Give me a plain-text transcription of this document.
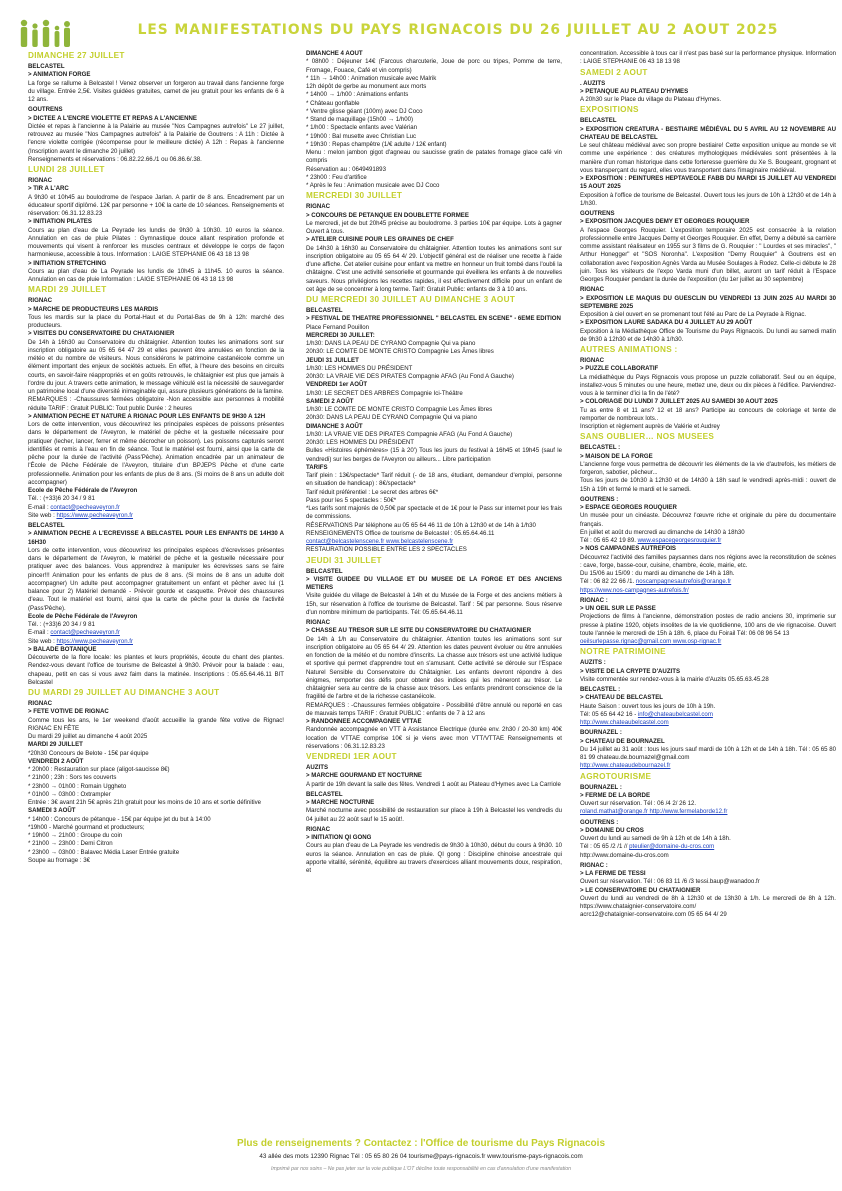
LES MANIFESTATIONS DU PAYS RIGNACOIS DU 26 JUILLET AU 2 AOUT 2025

DIMANCHE 27 JUILLET

BELCASTEL

> ANIMATION FORGE

La forge se rallume à Belcastel ! Venez observer un forgeron au travail dans l'ancienne forge du village. Entrée 2,5€. Visites guidées gratuites, camet de jeu gratuit pour les enfants de 6 à 12 ans.

GOUTRENS

> DICTEE A L'ENCRE VIOLETTE ET REPAS A L'ANCIENNE

Dictée et repas à l'ancienne à la Palairie au musée "Nos Campagnes autrefois" Le 27 juillet, retrouvez au musée "Nos Campagnes autrefois" à la Palairie de Goutrens : A 11h : Dictée à l'encre violette corrigée (récompense pour le meilleure dictée) A 12h : Repas à l'ancienne (Inscription avant le dimanche 20 juillet)

Renseignements et réservations : 06.82.22.66./1 ou 06.86.6/.38.

LUNDI 28 JUILLET

RIGNAC

> TIR A L'ARC

A 9h30 et 10h45 au boulodrome de l'espace Jarlan. A partir de 8 ans. Encadrement par un éducateur sportif diplômé. 12€ par personne + 10€ la carte de 10 séances. Renseignements et réservation: 06.31.12.83.23

> INITIATION PILATES

Cours au plan d'eau de La Peyrade les lundis de 9h30 à 10h30. 10 euros la séance. Annulation en cas de pluie Pilates : Gymnastique douce allant respiration profonde et mouvements qui visent à renforcer les muscles centraux et développe le corps de façon harmonieuse, accessible à tous. Information : LAIGE STEPHANIE 06 43 18 13 98

> INITIATION STRETCHING

Cours au plan d'eau de La Peyrade les lundis de 10h45 à 11h45. 10 euros la séance. Annulation en cas de pluie Information : LAIGE STEPHANIE 06 43 18 13 98

MARDI 29 JUILLET

RIGNAC

> MARCHE DE PRODUCTEURS LES MARDIS

Tous les mardis sur la place du Portal-Haut et du Portal-Bas de 9h à 12h: marché des producteurs.

> VISITES DU CONSERVATOIRE DU CHATAIGNIER

De 14h à 16h30 au Conservatoire du châtaignier. Attention toutes les animations sont sur inscription obligatoire au 05 65 64 47 29 et elles peuvent être annulées en fonction de la météo et du nombre de visiteurs. Nous considérons le patrimoine castanéicole comme un élément important des enjeux de sociétés actuels. En effet, à l'heure des besoins en circuits courts, en savoir-faire réappropriés et en goûts retrouvés, le châtaignier est plus que jamais à l'ordre du jour. A travers cette animation, le message véhiculé est la nécessité de sauvegarder un patrimoine local d'une diversité inimaginable qui, assure plusieurs générations de la famine.

REMARQUES : -Chaussures fermées obligatoire -Non accessible aux personnes à mobilité réduite TARIF : Gratuit PUBLIC: Tout public Durée : 2 heures

> ANIMATION PECHE ET NATURE A RIGNAC POUR LES ENFANTS DE 9H30 A 12H

Lors de cette intervention, vous découvrirez les principales espèces de poissons présentes dans le département de l'Aveyron, le matériel de pêche et la gestuelle nécessaire pour pratiquer (lecher, lancer, ferrer et même décrocher un poisson). Les poissons capturés seront identifiés et remis à l'eau en fin de séance. Tout le matériel est fourni, ainsi que la carte de pêche pour la durée de l'activité (Pass'Pêche). Animation encadrée par un animateur de l'École de Pêche Fédérale de l'Aveyron, titulaire d'un BPJEPS Pêche et d'une carte professionnelle. Animation pour les enfants de plus de 8 ans. (Si moins de 8 ans un adulte doit accompagner)

Ecole de Pêche Fédérale de l'Aveyron

Tél. : (+33)6 20 34 / 9 81

E-mail : contact@pecheaveyron.fr

Site web : https://www.pecheaveyron.fr

BELCASTEL

> ANIMATION PECHE A L'ECREVISSE A BELCASTEL POUR LES ENFANTS DE 14H30 A 16H30

Lors de cette intervention, vous découvrirez les principales espèces d'écrevisses présentes dans le département de l'Aveyron, le matériel de pêche et la gestuelle nécessaire pour pratiquer avec des balances. Vous apprendrez à manipuler les écrevisses sans se faire pincer!!! Animation pour les enfants de plus de 8 ans. (Si moins de 8 ans un adulte doit accompagner) Un adulte peut accompagner gratuitement un enfant et pêcher avec lui (1 balance pour 2) Matériel demandé - Prévoir gourde et casquette. Prévoir des chaussures d'eau. Tout le matériel est fourni, ainsi que la carte de pêche pour la durée de l'activité (Pass'Pêche).

Ecole de Pêche Fédérale de l'Aveyron

Tél. : (+33)6 20 34 / 9 81

E-mail : contact@pecheaveyron.fr

Site web : https://www.pecheaveyron.fr

> BALADE BOTANIQUE

Découverte de la flore locale: les plantes et leurs propriétés, écoute du chant des plantes. Rendez-vous devant l'office de tourisme de Belcastel à 9h30. Prévoir pour la balade : eau, chapeau, petit en cas si vous avez faim dans la matinée. Inscriptions : 05.65.64.46.11 BIT Belcastel

DU MARDI 29 JUILLET AU DIMANCHE 3 AOUT

RIGNAC

> FETE VOTIVE DE RIGNAC

Comme tous les ans, le 1er weekend d'août accueille la grande fête votive de Rignac! RIGNAC EN FÊTE

Du mardi 29 juillet au dimanche 4 août 2025

MARDI 29 JUILLET

*20h30 Concours de Belote - 15€ par équipe

VENDREDI 2 AOÛT

* 20h00 : Restauration sur place (aligot-saucisse 8€)

* 21h00 ; 23h : Sors tes couverts

* 23h00 → 01h00 : Romain Uggheto

* 01h00 → 03h00 : Oxtrampler

Entrée : 3€ avant 21h 5€ après 21h gratuit pour les moins de 10 ans et sortie définitive

SAMEDI 3 AOÛT

* 14h00 : Concours de pétanque - 15€ par équipe jet du but à 14:00

*19h00 - Marché gourmand et producteurs;

* 19h00 → 21h00 : Groupe du coin

* 21h00 → 23h00 : Demi Citron

* 23h00 → 03h00 : Balavec Média Laser Entrée gratuite

Soupe au fromage : 3€

DIMANCHE 4 AOÛT

* 08h00 : Déjeuner 14€ (Farcous charcuterie, Joue de porc ou tripes, Pomme de terre, Fromage, Fouace, Café et vin compris)

* 11h → 14h00 : Animation musicale avec Malrik

12h dépôt de gerbe au monument aux morts

* 14h00 → 1/h00 : Animations enfants

* Château gonflable

* Ventre glisse géant (100m) avec DJ Coco

* Stand de maquillage (15h00 → 1/h00)

* 1/h00 : Spectacle enfants avec Valérian

* 19h00 : Bal musette avec Christian Luc

* 19h30 : Repas champêtre (1/€ adulte / 12€ enfant)

Menu : melon jambon gigot d'agneau ou saucisse gratin de patates fromage glace café vin compris

Réservation au : 0649491893

* 23h00 : Feu d'artifice

* Après le feu : Animation musicale avec DJ Coco

MERCREDI 30 JUILLET

RIGNAC

> CONCOURS DE PETANQUE EN DOUBLETTE FORMEE

Le mercredi, jet de but 20h45 précise au boulodrome. 3 parties 10€ par équipe. Lots à gagner Ouvert à tous.

> ATELIER CUISINE POUR LES GRAINES DE CHEF

De 14h30 à 16h30 au Conservatoire du châtaignier. Attention toutes les animations sont sur inscription obligatoire au 05 65 64 4/ 29. L'objectif général est de réaliser une recette à l'aide d'une affiche. Cet atelier cuisine pour enfant va mettre en honneur un fruit tombé dans l'oubli la châtaigne. C'est une activité sensorielle et gourmande qui éveillera les enfants à de nouvelles saveurs. Nous privilégions les recettes rapides, il est effectivement difficile pour un enfant de cet âge de se concentrer à long terme. Tarif: Gratuit Public: enfants de 3 à 10 ans.

DU MERCREDI 30 JUILLET AU DIMANCHE 3 AOUT

BELCASTEL

> FESTIVAL DE THEATRE PROFESSIONNEL " BELCASTEL EN SCENE" - 6EME EDITION

Place Fernand Pouillon

MERCREDI 30 JUILLET:

1/h30: DANS LA PEAU DE CYRANO Compagnie Qui va piano

20h30: LE COMTE DE MONTE CRISTO Compagnie Les Âmes libres

JEUDI 31 JUILLET

1/h30: LES HOMMES DU PRÉSIDENT

20h30: LA VRAIE VIE DES PIRATES Compagnie AFAG (Au Fond A Gauche)

VENDREDI 1er AOÛT

1/h30: LE SECRET DES ARBRES Compagnie Ici-Théâtre

SAMEDI 2 AOÛT

1/h30: LE COMTE DE MONTE CRISTO Compagnie Les Âmes libres

20h30: DANS LA PEAU DE CYRANO Compagnie Qui va piano

DIMANCHE 3 AOÛT

1/h30: LA VRAIE VIE DES PIRATES Compagnie AFAG (Au Fond A Gauche)

20h30: LES HOMMES DU PRÉSIDENT

Bulles «Histoires éphémères» (15 à 20') Tous les jours du festival à 16h45 et 19h45 (sauf le vendredi) sur les berges de l'Aveyron ou ailleurs... Libre participation

TARIFS

Tarif plein : 13€/spectacle* Tarif réduit (- de 18 ans, étudiant, demandeur d'emploi, personne en situation de handicap) : 8€/spectacle*

Tarif réduit préférentiel : Le secret des arbres 6€*

Pass pour les 5 spectacles : 50€*

*Les tarifs sont majorés de 0,50€ par spectacle et de 1€ pour le Pass sur internet pour les frais de commissions.

RÉSERVATIONS Par téléphone au 05 65 64 46 11 de 10h à 12h30 et de 14h à 1/h30

RENSEIGNEMENTS Office de tourisme de Belcastel : 05.65.64.46.11

contact@belcastelenscene.fr www.belcastelenscene.fr

RESTAURATION POSSIBLE ENTRE LES 2 SPECTACLES

JEUDI 31 JUILLET

BELCASTEL

> VISITE GUIDEE DU VILLAGE ET DU MUSEE DE LA FORGE ET DES ANCIENS METIERS

Visite guidée du village de Belcastel à 14h et du Musée de la Forge et des anciens métiers à 15h, sur réservation à l'office de tourisme de Belcastel. Tarif : 5€ par personne. Sous réserve d'un nombre minimum de participants. Tél: 05.65.64.46.11

RIGNAC

> CHASSE AU TRESOR SUR LE SITE DU CONSERVATOIRE DU CHATAIGNIER

De 14h à 1/h au Conservatoire du châtaignier. Attention toutes les animations sont sur inscription obligatoire au 05 65 64 4/ 29. Attention les dates peuvent évoluer ou être annulées en fonction de la météo et du nombre d'inscrits. La chasse aux trésors est une activité ludique et sportive qui permet d'apprendre tout en s'amusant. Cette activité se déroule sur l'Espace Naturel Sensible du Conservatoire du Châtaignier. Les enfants devront répondre à des énigmes, remporter des défis pour obtenir des indices qui les mèneront au trésor. Le châtaignier sera au centre de la chasse aux trésors. Les enfants prendront conscience de la fragilité de l'arbre et de la richesse castanéicole.

REMARQUES : -Chaussures fermées obligatoire - Possibilité d'être annulé ou reporté en cas de mauvais temps TARIF : Gratuit PUBLIC : enfants de 7 à 12 ans

> RANDONNEE ACCOMPAGNEE VTTAE

Randonnée accompagnée en VTT à Assistance Electrique (durée env. 2h30 / 20-30 km) 40€ location de VTTAE comprise 10€ si je viens avec mon VTT/VTTAE Renseignements et réservations : 06.31.12.83.23

VENDREDI 1ER AOUT

AUZITS

> MARCHE GOURMAND ET NOCTURNE

A partir de 19h devant la salle des fêtes. Vendredi 1 août au Plateau d'Hymes avec La Carriole

BELCASTEL

> MARCHE NOCTURNE

Marché nocturne avec possibilité de restauration sur place à 19h à Belcastel les vendredis du 04 juillet au 22 août sauf le 15 août!.

RIGNAC

> INITIATION QI GONG

Cours au plan d'eau de La Peyrade les vendredis de 9h30 à 10h30, début du cours à 9h30. 10 euros la séance. Annulation en cas de pluie. QI gong : Discipline chinoise ancestrale qui apporte vitalité, sérénité, équilibre au travers d'exercices alliant mouvements doux, respiration, et

concentration. Accessible à tous car il n'est pas basé sur la performance physique. Information : LAIGE STEPHANIE 06 43 18 13 98

SAMEDI 2 AOUT

. AUZITS

> PETANQUE AU PLATEAU D'HYMES

A 20h30 sur le Place du village du Plateau d'Hymes.

EXPOSITIONS

BELCASTEL

> EXPOSITION CREATURA - BESTIAIRE MÉDIÉVAL DU 5 AVRIL AU 12 NOVEMBRE AU CHATEAU DE BELCASTEL

Le seul château médiéval avec son propre bestiaire! Cette exposition unique au monde se vit comme une expérience : des créatures mythologiques médiévales sont présentées à la manière d'un roman historique dans cette forteresse guerrière du Xe S. Bougeant, grognant et vous transperçant du regard, elles vous transportent dans l'imaginaire médiéval.

> EXPOSITION : PEINTURES HEPTAVEOLE FABB DU MARDI 15 JUILLET AU VENDREDI 15 AOUT 2025

Exposition à l'office de tourisme de Belcastel. Ouvert tous les jours de 10h à 12h30 et de 14h à 1/h30.

GOUTRENS

> EXPOSITION JACQUES DEMY ET GEORGES ROUQUIER

A l'espace Georges Rouquier. L'exposition temporaire 2025 est consacrée à la relation professionnelle entre Jacques Demy et Georges Rouquier. En effet, Demy a débuté sa carrière comme assistant réalisateur en 1955 sur 3 films de G. Rouquier : " Lourdes et ses miracles", " Arthur Honegger" et "SOS Noronha". L'exposition "Demy Rouquier" à Goutrens est en collaboration avec l'exposition Agnès Varda au Musée Soulages à Rodez. Celle-ci débute le 28 juin. Tous les visiteurs de l'expo Varda muni d'un billet, auront un tarif réduit à l'Espace Georges Rouquier pendant la durée de l'exposition (du 1er juillet au 30 septembre)

RIGNAC

> EXPOSITION LE MAQUIS DU GUESCLIN DU VENDREDI 13 JUIN 2025 AU MARDI 30 SEPTEMBRE 2025

Exposition à ciel ouvert en se promenant tout l'été au Parc de La Peyrade à Rignac.

> EXPOSITION LAURE SADAKA DU 4 JUILLET AU 29 AOÛT

Exposition à la Médiathèque Office de Tourisme du Pays Rignacois. Du lundi au samedi matin de 9h30 à 12h30 et de 14h30 à 1/h30.

AUTRES ANIMATIONS :

RIGNAC

> PUZZLE COLLABORATIF

La médiathèque du Pays Rignacois vous propose un puzzle collaboratif. Seul ou en équipe, installez-vous 5 minutes ou une heure, mettez une, deux ou dix pièces à l'édifice. Parviendrez-vous à le terminer d'ici la fin de l'été?

> COLORIAGE DU LUNDI 7 JUILLET 2025 AU SAMEDI 30 AOUT 2025

Tu as entre 8 et 11 ans? 12 et 18 ans? Participe au concours de coloriage et tente de remporter de nombreux lots..

Inscription et règlement auprès de Valérie et Audrey

SANS OUBLIER… NOS MUSEES

BELCASTEL :

> MAISON DE LA FORGE

L'ancienne forge vous permettra de découvrir les éléments de la vie d'autrefois, les métiers de forgeron, sabotier, pêcheur...

Tous les jours de 10h30 à 12h30 et de 14h30 à 18h sauf le vendredi après-midi : ouvert de 15h à 19h et fermé le mardi et le samedi.

GOUTRENS :

> ESPACE GEORGES ROUQUIER

Un musée pour un cinéaste. Découvrez l'œuvre riche et originale du père du documentaire français.

En juillet et août du mercredi au dimanche de 14h30 à 18h30

Tél : 05 65 42 19 89. www.espacegeorgesrouquier.fr

> NOS CAMPAGNES AUTREFOIS

Découvrez l'activité des familles paysannes dans nos régions avec la reconstitution de scènes : cave, forge, basse-cour, cuisine, chambre, école, mairie, etc.

Du 15/06 au 15/09 : du mardi au dimanche de 14h à 18h.

Tél : 06 82 22 66 /1. noscampagnesautrefois@orange.fr

https://www.nos-campagnes-autrefois.fr/

RIGNAC :

> UN OEIL SUR LE PASSE

Projections de films à l'ancienne, démonstration postes de radio anciens 30, imprimerie sur presse à platine 1920, objets insolites de la vie quotidienne, 100 ans de vie rignacoise. Ouvert toute l'année le mercredi de 15h à 18h. 6, place du Foirail Tél: 06 08 96 54 13

oeilsurlepasse.rignac@gmail.com www.osp-rignac.fr

NOTRE PATRIMOINE

AUZITS :

> VISITE DE LA CRYPTE D'AUZITS

Visite commentée sur rendez-vous à la mairie d'Auzits 05.65.63.45.28

BELCASTEL :

> CHATEAU DE BELCASTEL

Haute Saison : ouvert tous les jours de 10h à 19h.

Tél: 05 65 64 42 16 - info@chateaubelcastel.com

http://www.chateaubelcastel.com

BOURNAZEL :

> CHATEAU DE BOURNAZEL

Du 14 juillet au 31 août : tous les jours sauf mardi de 10h à 12h et de 14h à 18h. Tél : 05 65 80 81 99 chateau.de.bournazel@gmail.com

http://www.chateaudebournazel.fr

AGROTOURISME

BOURNAZEL :

> FERME DE LA BORDE

Ouvert sur réservation. Tél : 06 /4 2/ 26 12.

roland.mathat@orange.fr http://www.fermelaborde12.fr

GOUTRENS :

> DOMAINE DU CROS

Ouvert du lundi au samedi de 9h à 12h et de 14h à 18h.

Tél : 05 65 /2 /1 // pteulier@domaine-du-cros.com

http://www.domaine-du-cros.com

RIGNAC :

> LA FERME DE TESSI

Ouvert sur réservation. Tél : 06 83 11 /6 /3 tessi.baup@wanadoo.fr

> LE CONSERVATOIRE DU CHATAIGNIER

Ouvert du lundi au vendredi de 8h à 12h30 et de 13h30 à 1/h. Le mercredi de 8h à 12h. https://www.chataignier-conservatoire.com/

acrc12@chataignier-conservatoire.com 05 65 64 4/ 29

Plus de renseignements ? Contactez : l'Office de tourisme du Pays Rignacois
43 allée des mots 12390 Rignac Tél : 05 65 80 26 04 tourisme@pays-rignacois.fr www.tourisme-pays-rignacois.com
Imprimé par nos soins – Ne pas jeter sur la voie publique L'OT décline toute responsabilité en cas d'annulation d'une manifestation
